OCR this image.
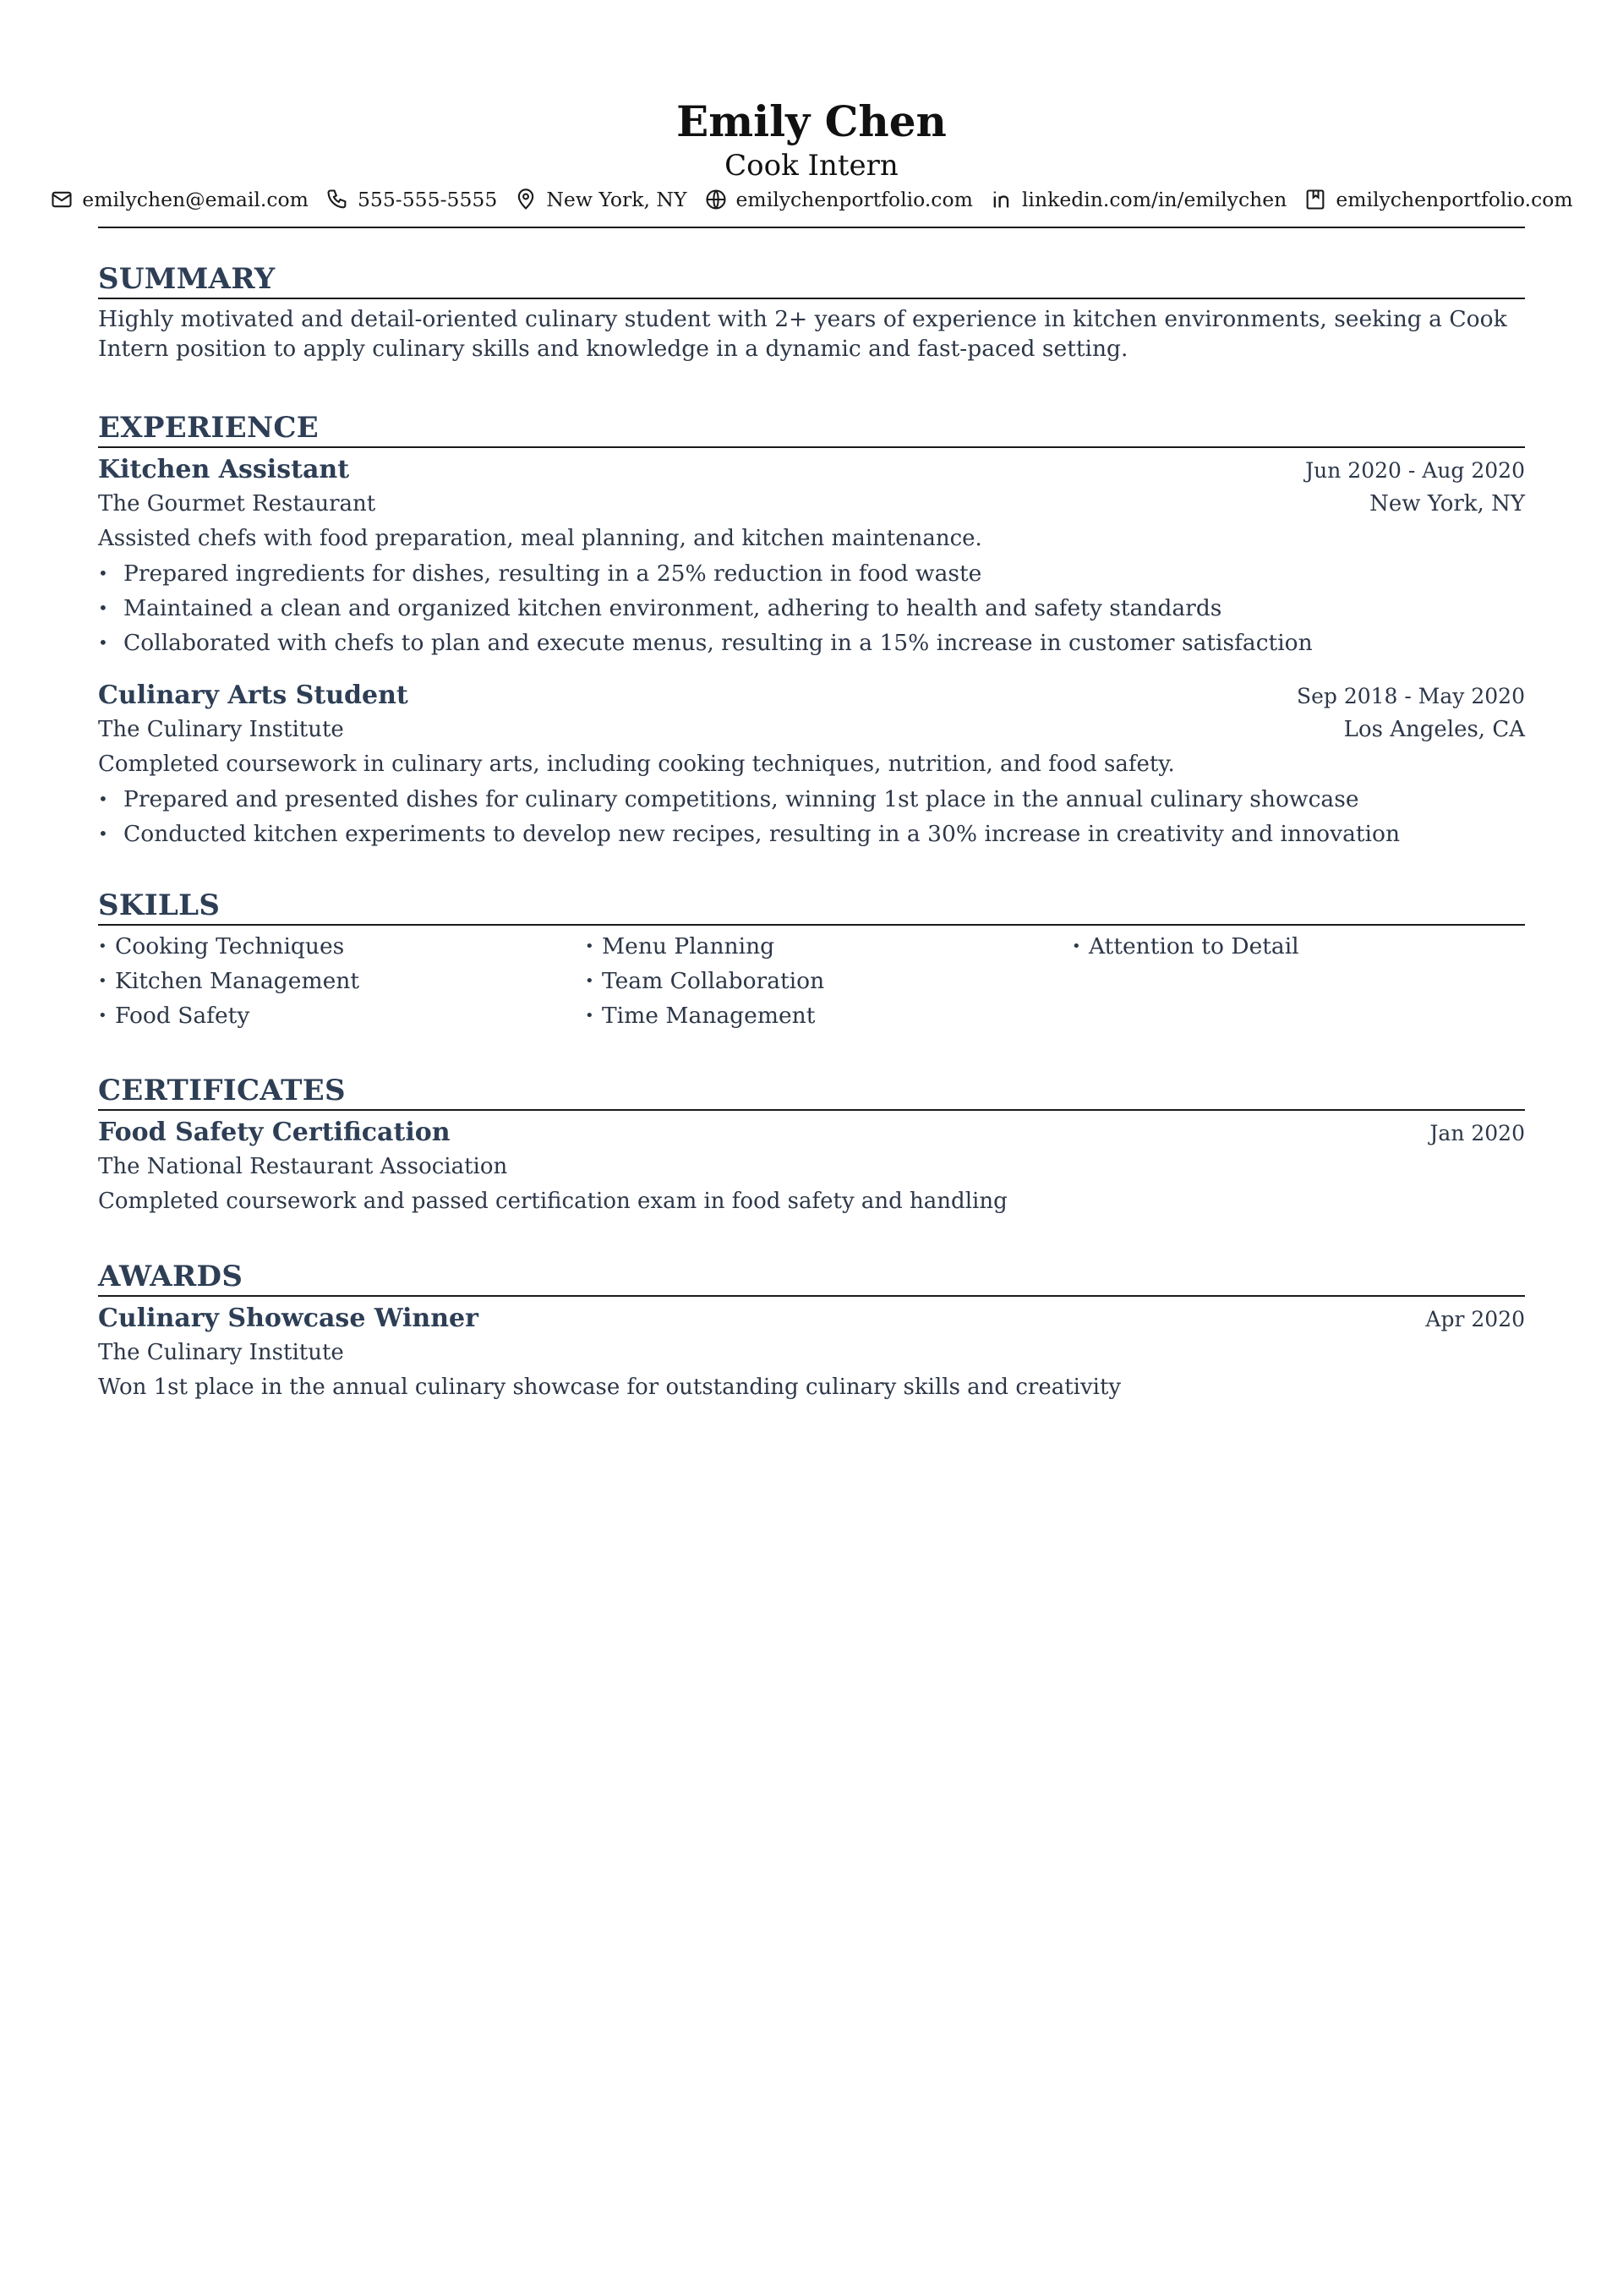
Emily Chen
Cook Intern
emilychen@email.com 555-555-5555 New York, NY emilychenportfolio.com linkedin.com/in/emilychen emilychenportfolio.com
SUMMARY
Highly motivated and detail-oriented culinary student with 2+ years of experience in kitchen environments, seeking a Cook Intern position to apply culinary skills and knowledge in a dynamic and fast-paced setting.
EXPERIENCE
Kitchen Assistant	Jun 2020 - Aug 2020
The Gourmet Restaurant	New York, NY
Assisted chefs with food preparation, meal planning, and kitchen maintenance.
• Prepared ingredients for dishes, resulting in a 25% reduction in food waste
• Maintained a clean and organized kitchen environment, adhering to health and safety standards
• Collaborated with chefs to plan and execute menus, resulting in a 15% increase in customer satisfaction
Culinary Arts Student	Sep 2018 - May 2020
The Culinary Institute	Los Angeles, CA
Completed coursework in culinary arts, including cooking techniques, nutrition, and food safety.
• Prepared and presented dishes for culinary competitions, winning 1st place in the annual culinary showcase
• Conducted kitchen experiments to develop new recipes, resulting in a 30% increase in creativity and innovation
SKILLS
• Cooking Techniques	• Menu Planning	• Attention to Detail
• Kitchen Management	• Team Collaboration
• Food Safety	• Time Management
CERTIFICATES
Food Safety Certification	Jan 2020
The National Restaurant Association
Completed coursework and passed certification exam in food safety and handling
AWARDS
Culinary Showcase Winner	Apr 2020
The Culinary Institute
Won 1st place in the annual culinary showcase for outstanding culinary skills and creativity
